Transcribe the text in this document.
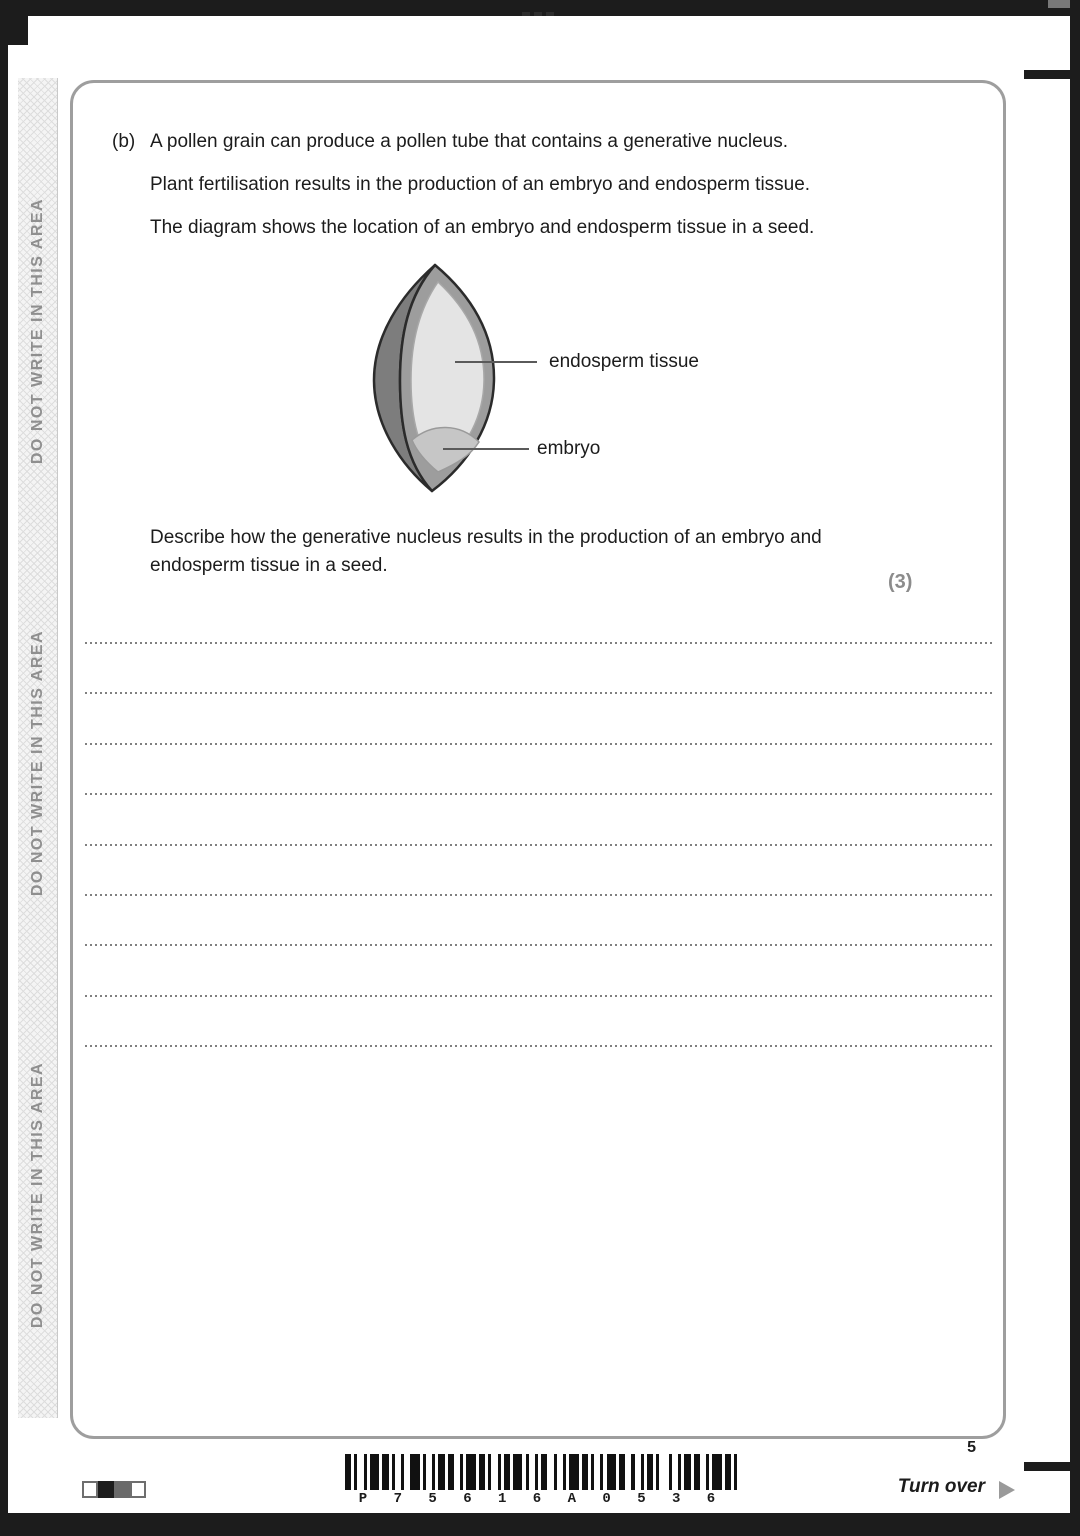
DO NOT WRITE IN THIS AREA
DO NOT WRITE IN THIS AREA
DO NOT WRITE IN THIS AREA
(b) A pollen grain can produce a pollen tube that contains a generative nucleus.
Plant fertilisation results in the production of an embryo and endosperm tissue.
The diagram shows the location of an embryo and endosperm tissue in a seed.
endosperm tissue
embryo
Describe how the generative nucleus results in the production of an embryo and endosperm tissue in a seed.
(3)
P 7 5 6 1 6 A 0 5 3 6
5
Turn over
